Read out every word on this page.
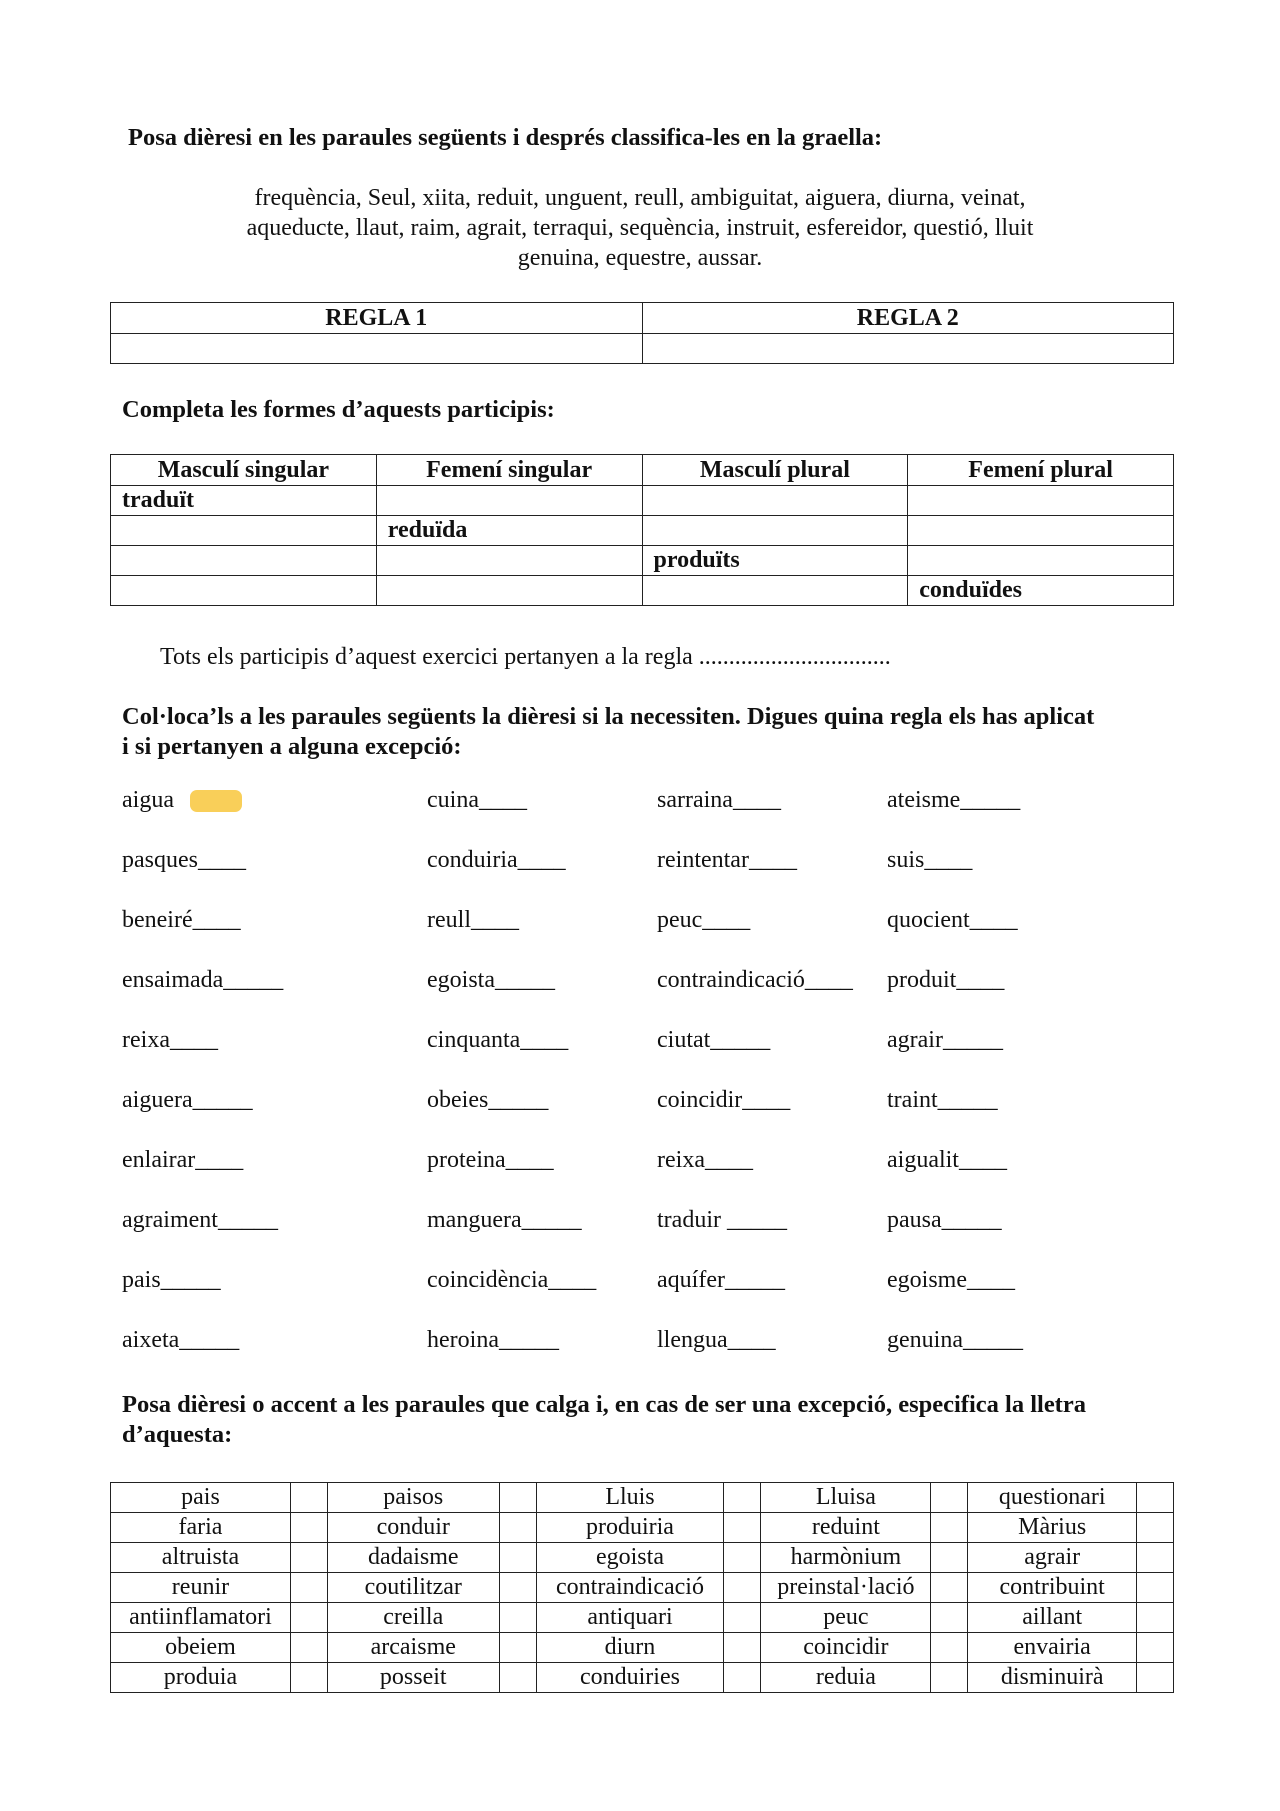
Posa dièresi en les paraules següents i després classifica-les en la graella:
frequència, Seul, xiita, reduit, unguent, reull, ambiguitat, aiguera, diurna, veinat,
aqueducte, llaut, raim, agrait, terraqui, sequència, instruit, esfereidor, questió, lluit
genuina, equestre, aussar.
REGLA 1	REGLA 2

Completa les formes d’aquests participis:
Masculí singular	Femení singular	Masculí plural	Femení plural
traduït			
	reduïda		
		produïts	
			conduïdes
Tots els participis d’aquest exercici pertanyen a la regla ................................
Col·loca’ls a les paraules següents la dièresi si la necessiten. Digues quina regla els has aplicat
i si pertanyen a alguna excepció:
aigua	cuina____	sarraina____	ateisme_____
pasques____	conduiria____	reintentar____	suis____
beneiré____	reull____	peuc____	quocient____
ensaimada_____	egoista_____	contraindicació____ produit____
reixa____	cinquanta____	ciutat_____	agrair_____
aiguera_____	obeies_____	coincidir____	traint_____
enlairar____	proteina____	reixa____	aigualit____
agraiment_____	manguera_____	traduir _____	pausa_____
pais_____	coincidència____	aquífer_____	egoisme____
aixeta_____	heroina_____	llengua____	genuina_____
Posa dièresi o accent a les paraules que calga i, en cas de ser una excepció, especifica la lletra
d’aquesta:
pais		paisos		Lluis		Lluisa		questionari	
faria		conduir		produiria		reduint		Màrius	
altruista		dadaisme		egoista		harmònium		agrair	
reunir		coutilitzar		contraindicació		preinstal·lació		contribuint	
antiinflamatori		creilla		antiquari		peuc		aillant	
obeiem		arcaisme		diurn		coincidir		envairia	
produia		posseit		conduiries		reduia		disminuirà	
